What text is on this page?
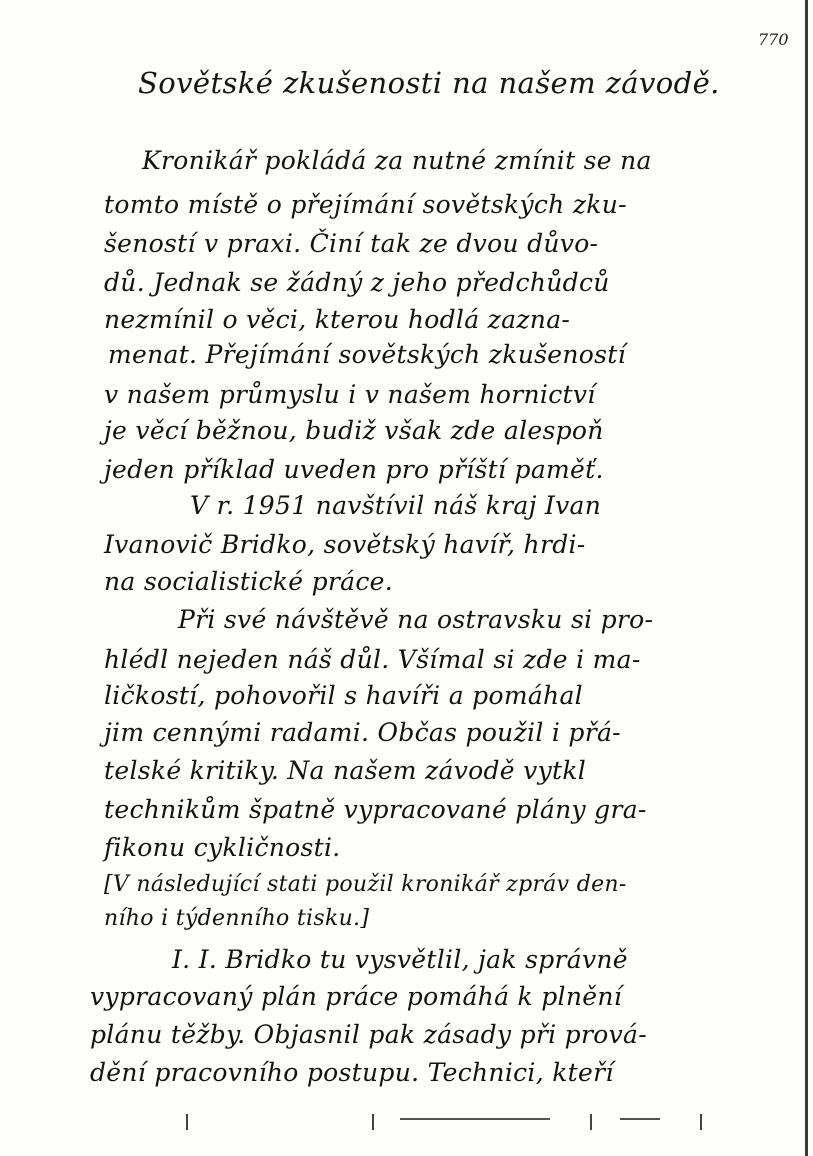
770
Sovětské zkušenosti na našem závodě.
Kronikář pokládá za nutné zmínit se na
tomto místě o přejímání sovětských zku-
šeností v praxi. Činí tak ze dvou důvo-
dů. Jednak se žádný z jeho předchůdců
nezmínil o věci, kterou hodlá zazna-
menat. Přejímání sovětských zkušeností
v našem průmyslu i v našem hornictví
je věcí běžnou, budiž však zde alespoň
jeden příklad uveden pro příští paměť.
V r. 1951 navštívil náš kraj Ivan
Ivanovič Bridko, sovětský havíř, hrdi-
na socialistické práce.
Při své návštěvě na ostravsku si pro-
hlédl nejeden náš důl. Všímal si zde i ma-
ličkostí, pohovořil s havíři a pomáhal
jim cennými radami. Občas použil i přá-
telské kritiky. Na našem závodě vytkl
technikům špatně vypracované plány gra-
fikonu cykličnosti.
[V následující stati použil kronikář zpráv den-
ního i týdenního tisku.]
I. I. Bridko tu vysvětlil, jak správně
vypracovaný plán práce pomáhá k plnění
plánu těžby. Objasnil pak zásady při prová-
dění pracovního postupu. Technici, kteří
